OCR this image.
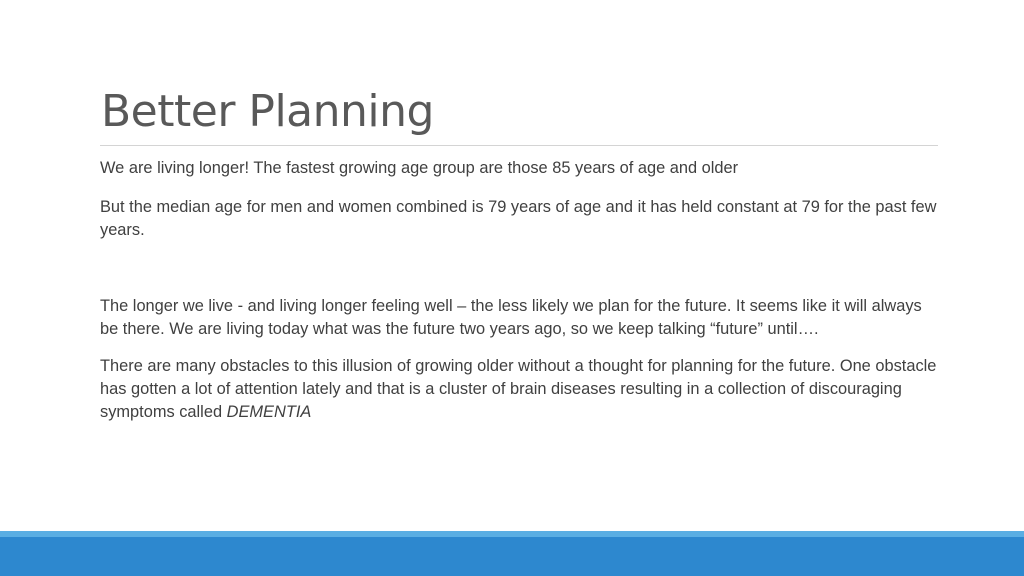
Better Planning

We are living longer! The fastest growing age group are those 85 years of age and older

But the median age for men and women combined is 79 years of age and it has held constant at 79 for the past few years.

The longer we live - and living longer feeling well – the less likely we plan for the future. It seems like it will always be there. We are living today what was the future two years ago, so we keep talking “future” until….

There are many obstacles to this illusion of growing older without a thought for planning for the future. One obstacle has gotten a lot of attention lately and that is a cluster of brain diseases resulting in a collection of discouraging symptoms called DEMENTIA
